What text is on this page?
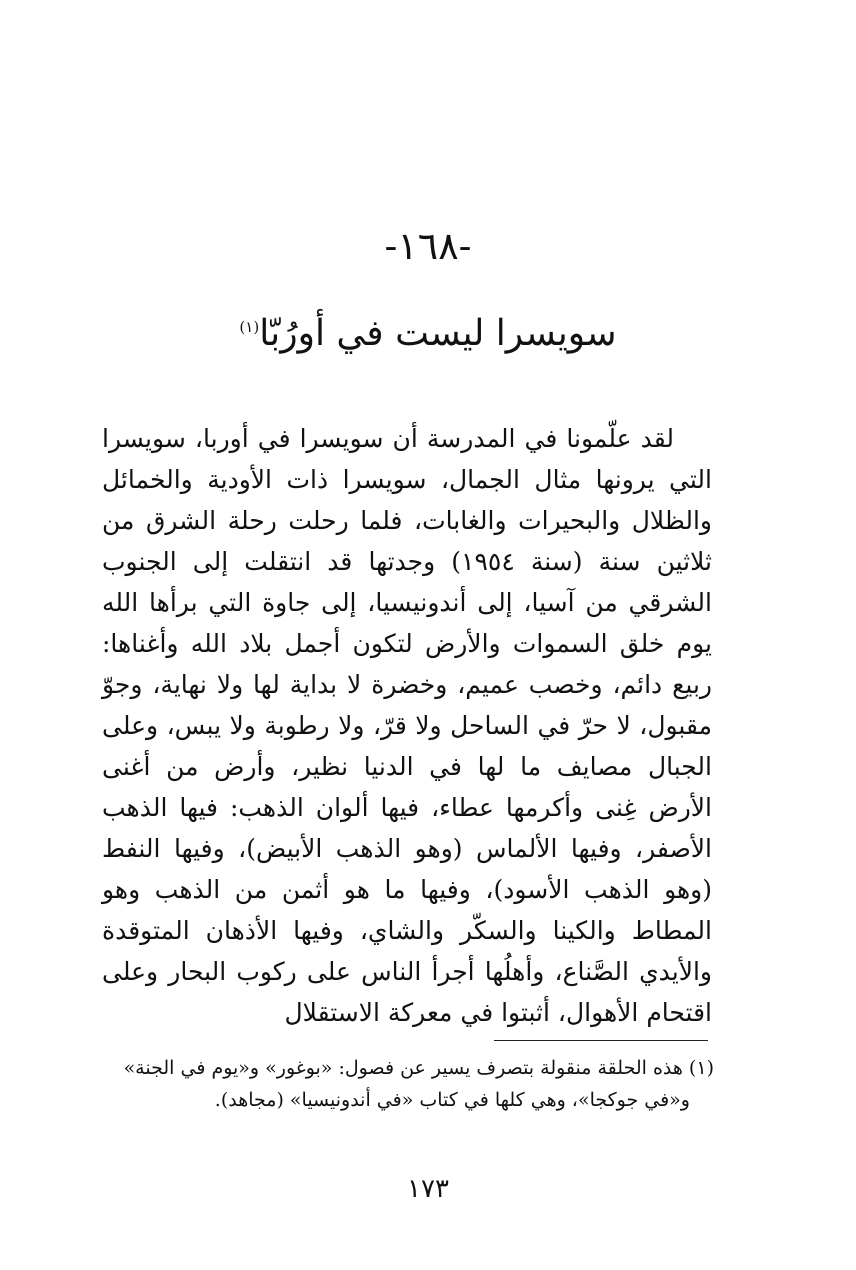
-١٦٨-
سويسرا ليست في أورُبّا$^{(١)}$

لقد علّمونا في المدرسة أن سويسرا في أوربا، سويسرا التي يرونها مثال الجمال، سويسرا ذات الأودية والخمائل والظلال والبحيرات والغابات، فلما رحلت رحلة الشرق من ثلاثين سنة (سنة ١٩٥٤) وجدتها قد انتقلت إلى الجنوب الشرقي من آسيا، إلى أندونيسيا، إلى جاوة التي برأها الله يوم خلق السموات والأرض لتكون أجمل بلاد الله وأغناها: ربيع دائم، وخصب عميم، وخضرة لا بداية لها ولا نهاية، وجوّ مقبول، لا حرّ في الساحل ولا قرّ، ولا رطوبة ولا يبس، وعلى الجبال مصايف ما لها في الدنيا نظير، وأرض من أغنى الأرض غِنى وأكرمها عطاء، فيها ألوان الذهب: فيها الذهب الأصفر، وفيها الألماس (وهو الذهب الأبيض)، وفيها النفط (وهو الذهب الأسود)، وفيها ما هو أثمن من الذهب وهو المطاط والكينا والسكّر والشاي، وفيها الأذهان المتوقدة والأيدي الصَّناع، وأهلُها أجرأ الناس على ركوب البحار وعلى اقتحام الأهوال، أثبتوا في معركة الاستقلال

(١) هذه الحلقة منقولة بتصرف يسير عن فصول: «بوغور» و«يوم في الجنة»

و«في جوكجا»، وهي كلها في كتاب «في أندونيسيا» (مجاهد).

١٧٣
